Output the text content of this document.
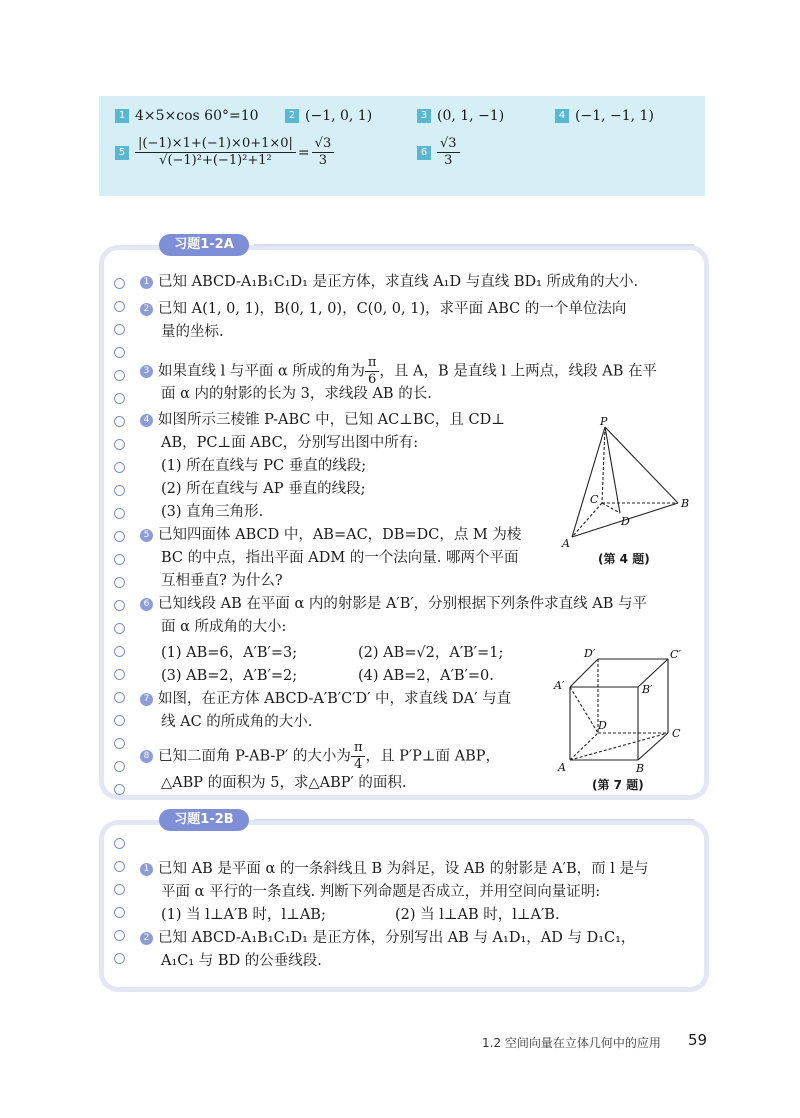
1 4×5×cos 60°=10	2 (−1, 0, 1)	3 (0, 1, −1)	4 (−1, −1, 1)
$5 \frac{|(-1)\times 1+(-1)\times 0+1\times 0|}{\text{√(−1)²+(−1)²+1²}} = \frac{√3}{3}$	$6 \frac{√3}{3}$
习题1-2A
习题1-2B
1 已知 ABCD-A₁B₁C₁D₁ 是正方体，求直线 A₁D 与直线 BD₁ 所成角的大小.
2 已知 A(1, 0, 1)，B(0, 1, 0)，C(0, 0, 1)，求平面 ABC 的一个单位法向
量的坐标.
3 如果直线 l 与平面 α 所成的角为 $\frac{\pi}{6}$ ，且 A，B 是直线 l 上两点，线段 AB 在平
面 α 内的射影的长为 3，求线段 AB 的长.
4 如图所示三棱锥 P-ABC 中，已知 AC⊥BC，且 CD⊥
AB，PC⊥面 ABC，分别写出图中所有:
(1) 所在直线与 PC 垂直的线段;
(2) 所在直线与 AP 垂直的线段;
(3) 直角三角形.
5 已知四面体 ABCD 中，AB=AC，DB=DC，点 M 为棱
BC 的中点，指出平面 ADM 的一个法向量. 哪两个平面
互相垂直? 为什么?
6 已知线段 AB 在平面 α 内的射影是 A′B′，分别根据下列条件求直线 AB 与平
面 α 所成角的大小:
(1) AB=6，A′B′=3;	(2) AB=√2，A′B′=1;
(3) AB=2，A′B′=2;	(4) AB=2，A′B′=0.
7 如图，在正方体 ABCD-A′B′C′D′ 中，求直线 DA′ 与直
线 AC 的所成角的大小.
8 已知二面角 P-AB-P′ 的大小为 $\frac{\pi}{4}$ ，且 P′P⊥面 ABP，
△ABP 的面积为 5，求△ABP′ 的面积.
P
A
B
C
D
(第 4 题)
A	B
C
D
A′	B′
C′
D′
(第 7 题)
1 已知 AB 是平面 α 的一条斜线且 B 为斜足，设 AB 的射影是 A′B，而 l 是与
平面 α 平行的一条直线. 判断下列命题是否成立，并用空间向量证明:
(1) 当 l⊥A′B 时，l⊥AB;	(2) 当 l⊥AB 时，l⊥A′B.
2 已知 ABCD-A₁B₁C₁D₁ 是正方体，分别写出 AB 与 A₁D₁，AD 与 D₁C₁，
A₁C₁ 与 BD 的公垂线段.
1.2 空间向量在立体几何中的应用 59
